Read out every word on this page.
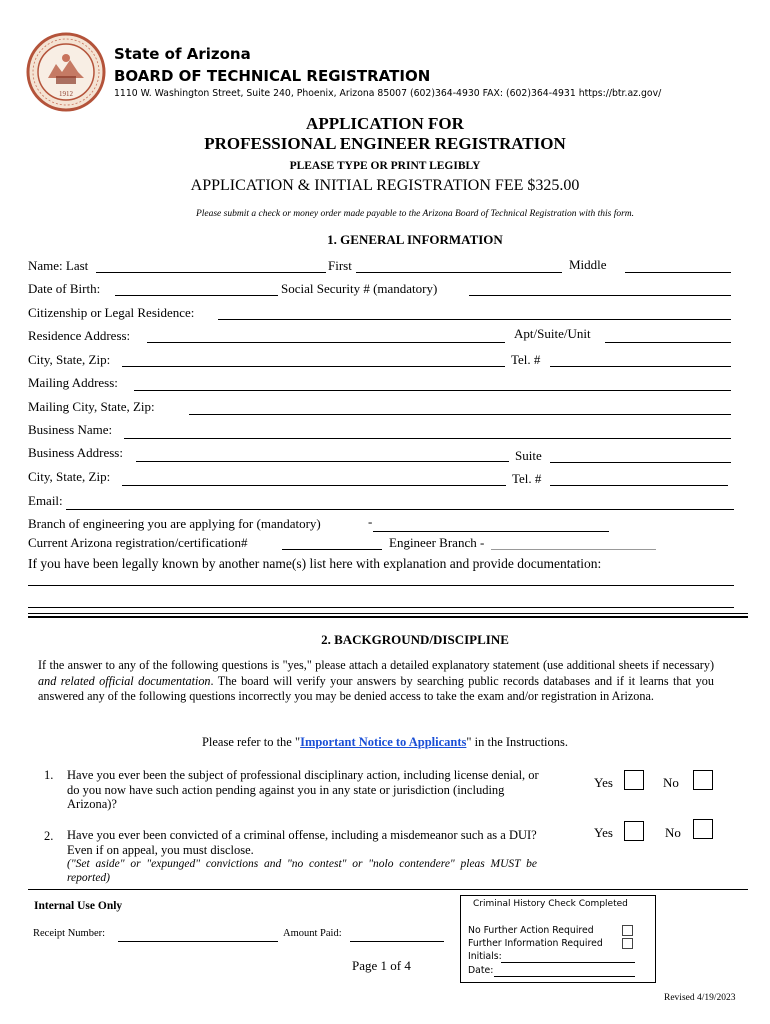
1912
State of Arizona
BOARD OF TECHNICAL REGISTRATION
1110 W. Washington Street, Suite 240, Phoenix, Arizona 85007 (602)364-4930 FAX: (602)364-4931 https://btr.az.gov/
APPLICATION FOR
PROFESSIONAL ENGINEER REGISTRATION
PLEASE TYPE OR PRINT LEGIBLY
APPLICATION & INITIAL REGISTRATION FEE $325.00
Please submit a check or money order made payable to the Arizona Board of Technical Registration with this form.
1. GENERAL INFORMATION
Name: Last	First	Middle
Date of Birth:	Social Security # (mandatory)
Citizenship or Legal Residence:
Residence Address:	Apt/Suite/Unit
City, State, Zip:	Tel. #
Mailing Address:
Mailing City, State, Zip:
Business Name:
Business Address:	Suite
City, State, Zip:	Tel. #
Email:
Branch of engineering you are applying for (mandatory)	-
Current Arizona registration/certification#	Engineer Branch -
If you have been legally known by another name(s) list here with explanation and provide documentation:
2. BACKGROUND/DISCIPLINE
If the answer to any of the following questions is "yes," please attach a detailed explanatory statement (use additional sheets if necessary) and related official documentation. The board will verify your answers by searching public records databases and if it learns that you answered any of the following questions incorrectly you may be denied access to take the exam and/or registration in Arizona.
Please refer to the "Important Notice to Applicants" in the Instructions.
1. Have you ever been the subject of professional disciplinary action, including license denial, or do you now have such action pending against you in any state or jurisdiction (including Arizona)?
Yes	No
2. Have you ever been convicted of a criminal offense, including a misdemeanor such as a DUI? Even if on appeal, you must disclose.
("Set aside" or "expunged" convictions and "no contest" or "nolo contendere" pleas MUST be reported)
Yes	No
Internal Use Only
Receipt Number:	Amount Paid:
Criminal History Check Completed
No Further Action Required
Further Information Required
Initials:
Date:
Page 1 of 4
Revised 4/19/2023
